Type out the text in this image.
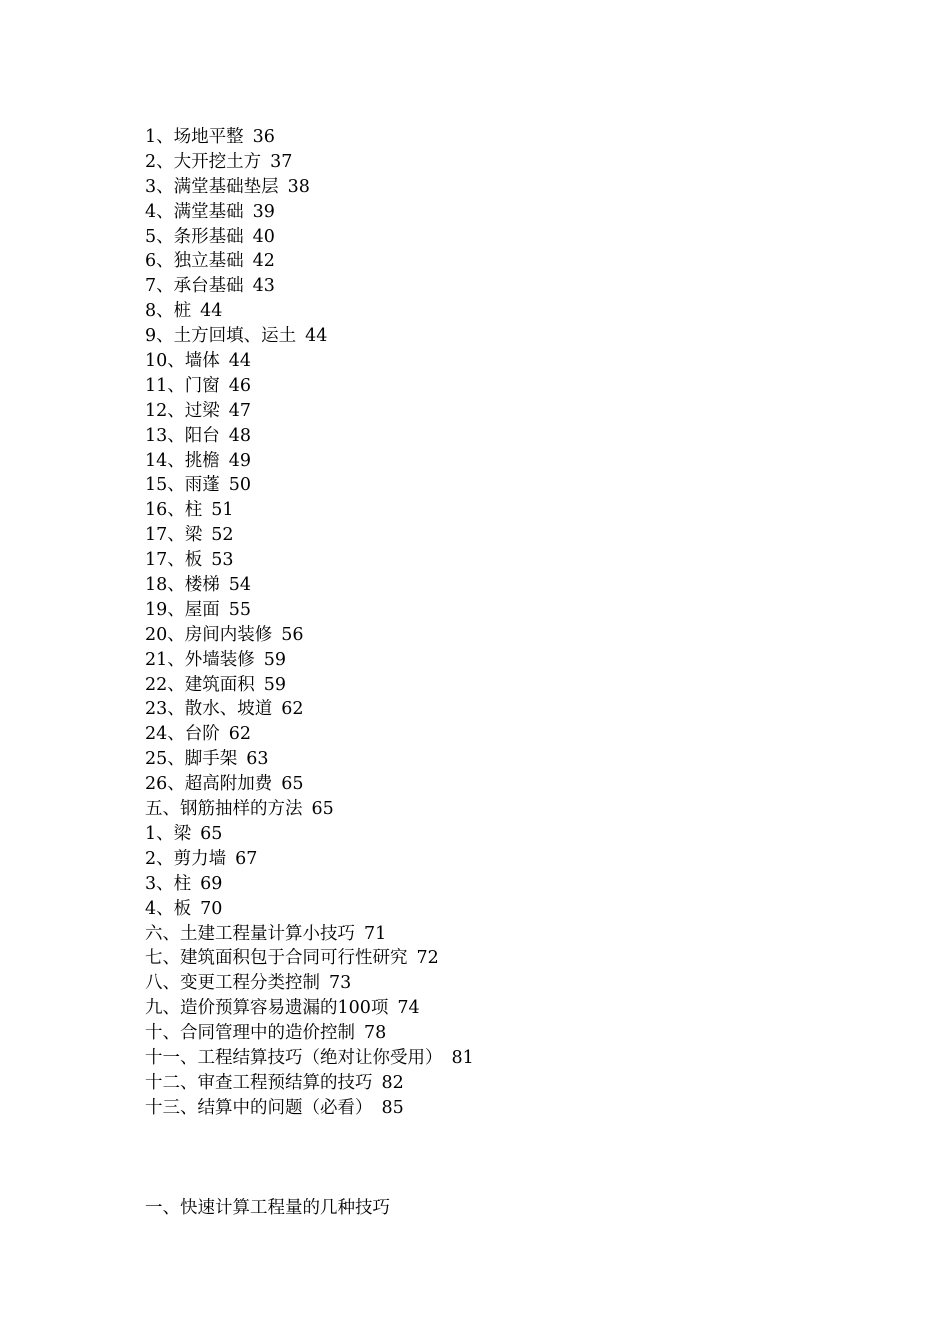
1、场地平整 36
2、大开挖土方 37
3、满堂基础垫层 38
4、满堂基础 39
5、条形基础 40
6、独立基础 42
7、承台基础 43
8、桩 44
9、土方回填、运土 44
10、墙体 44
11、门窗 46
12、过梁 47
13、阳台 48
14、挑檐 49
15、雨蓬 50
16、柱 51
17、梁 52
17、板 53
18、楼梯 54
19、屋面 55
20、房间内装修 56
21、外墙装修 59
22、建筑面积 59
23、散水、坡道 62
24、台阶 62
25、脚手架 63
26、超高附加费 65
五、钢筋抽样的方法 65
1、梁 65
2、剪力墙 67
3、柱 69
4、板 70
六、土建工程量计算小技巧 71
七、建筑面积包于合同可行性研究 72
八、变更工程分类控制 73
九、造价预算容易遗漏的100项 74
十、合同管理中的造价控制 78
十一、工程结算技巧（绝对让你受用） 81
十二、审查工程预结算的技巧 82
十三、结算中的问题（必看） 85
一、快速计算工程量的几种技巧
